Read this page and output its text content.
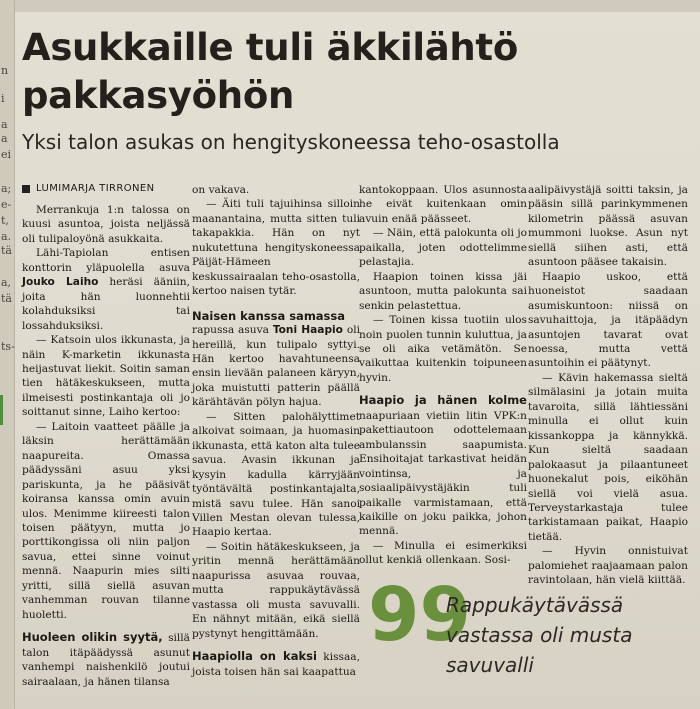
n
i
a
a
ei
a;
e-
t,
a.
tä
a,
tä
ts-
Asukkaille tuli äkkilähtö pakkasyöhön
Yksi talon asukas on hengityskoneessa teho-osastolla
LUMIMARJA TIRRONEN

Merrankuja 1:n talossa on kuusi asuntoa, joista neljässä oli tulipaloyönä asukkaita.

Lähi-Tapiolan entisen konttorin yläpuolella asuva Jouko Laiho heräsi ääniin, joita hän luonnehtii kolahduksiksi tai lossahduksiksi.

— Katsoin ulos ikkunasta, ja näin K-marketin ikkunasta heijastuvat liekit. Soitin saman tien hätäkeskukseen, mutta ilmeisesti postinkantaja oli jo soittanut sinne, Laiho kertoo:

— Laitoin vaatteet päälle ja läksin herättämään naapureita. Omassa päädyssäni asuu yksi pariskunta, ja he pääsivät koiransa kanssa omin avuin ulos. Menimme kiireesti talon toisen päätyyn, mutta jo porttikongissa oli niin paljon savua, ettei sinne voinut mennä. Naapurin mies silti yritti, sillä siellä asuvan vanhemman rouvan tilanne huoletti.

Huoleen olikin syytä, sillä talon itäpäädyssä asunut vanhempi naishenkilö joutui sairaalaan, ja hänen tilansa

on vakava.

— Äiti tuli tajuihinsa silloin maanantaina, mutta sitten tuli takapakkia. Hän on nyt nukutettuna hengityskoneessa Päijät-Hämeen keskussairaalan teho-osastolla, kertoo naisen tytär.

Naisen kanssa samassa

rapussa asuva Toni Haapio oli hereillä, kun tulipalo syttyi. Hän kertoo havahtuneensa ensin lievään palaneen käryyn, joka muistutti patterin päällä kärähtävän pölyn hajua.

— Sitten palohälyttimet alkoivat soimaan, ja huomasin ikkunasta, että katon alta tulee savua. Avasin ikkunan ja kysyin kadulla kärryjään työntävältä postinkantajalta, mistä savu tulee. Hän sanoi Villen Mestan olevan tulessa, Haapio kertaa.

— Soitin hätäkeskukseen, ja yritin mennä herättämään naapurissa asuvaa rouvaa, mutta rappukäytävässä vastassa oli musta savuvalli. En nähnyt mitään, eikä siellä pystynyt hengittämään.

Haapiolla on kaksi kissaa, joista toisen hän sai kaapattua

kantokoppaan. Ulos asunnosta he eivät kuitenkaan omin avuin enää päässeet.

— Näin, että palokunta oli jo paikalla, joten odottelimme pelastajia.

Haapion toinen kissa jäi asuntoon, mutta palokunta sai senkin pelastettua.

— Toinen kissa tuotiin ulos noin puolen tunnin kuluttua, ja se oli aika vetämätön. Se vaikuttaa kuitenkin toipuneen hyvin.

Haapio ja hänen kolme naapuriaan vietiin litin VPK:n pakettiautoon odottelemaan ambulanssin saapumista. Ensihoitajat tarkastivat heidän vointinsa, ja sosiaalipäivystäjäkin tuli paikalle varmistamaan, että kaikille on joku paikka, johon mennä.

— Minulla ei esimerkiksi ollut kenkiä ollenkaan. Sosi-

aalipäivystäjä soitti taksin, ja pääsin sillä parinkymmenen kilometrin päässä asuvan mummoni luokse. Asun nyt siellä siihen asti, että asuntoon pääsee takaisin.

Haapio uskoo, että huoneistot saadaan asumiskuntoon: niissä on savuhaittoja, ja itäpäädyn asuntojen tavarat ovat noessa, mutta vettä asuntoihin ei päätynyt.

— Kävin hakemassa sieltä silmälasini ja jotain muita tavaroita, sillä lähtiessäni minulla ei ollut kuin kissankoppa ja kännykkä. Kun sieltä saadaan palokaasut ja pilaantuneet huonekalut pois, eiköhän siellä voi vielä asua. Terveystarkastaja tulee tarkistamaan paikat, Haapio tietää.

— Hyvin onnistuivat palomiehet raajaamaan palon ravintolaan, hän vielä kiittää.

99
Rappukäytävässä vastassa oli musta savuvalli
